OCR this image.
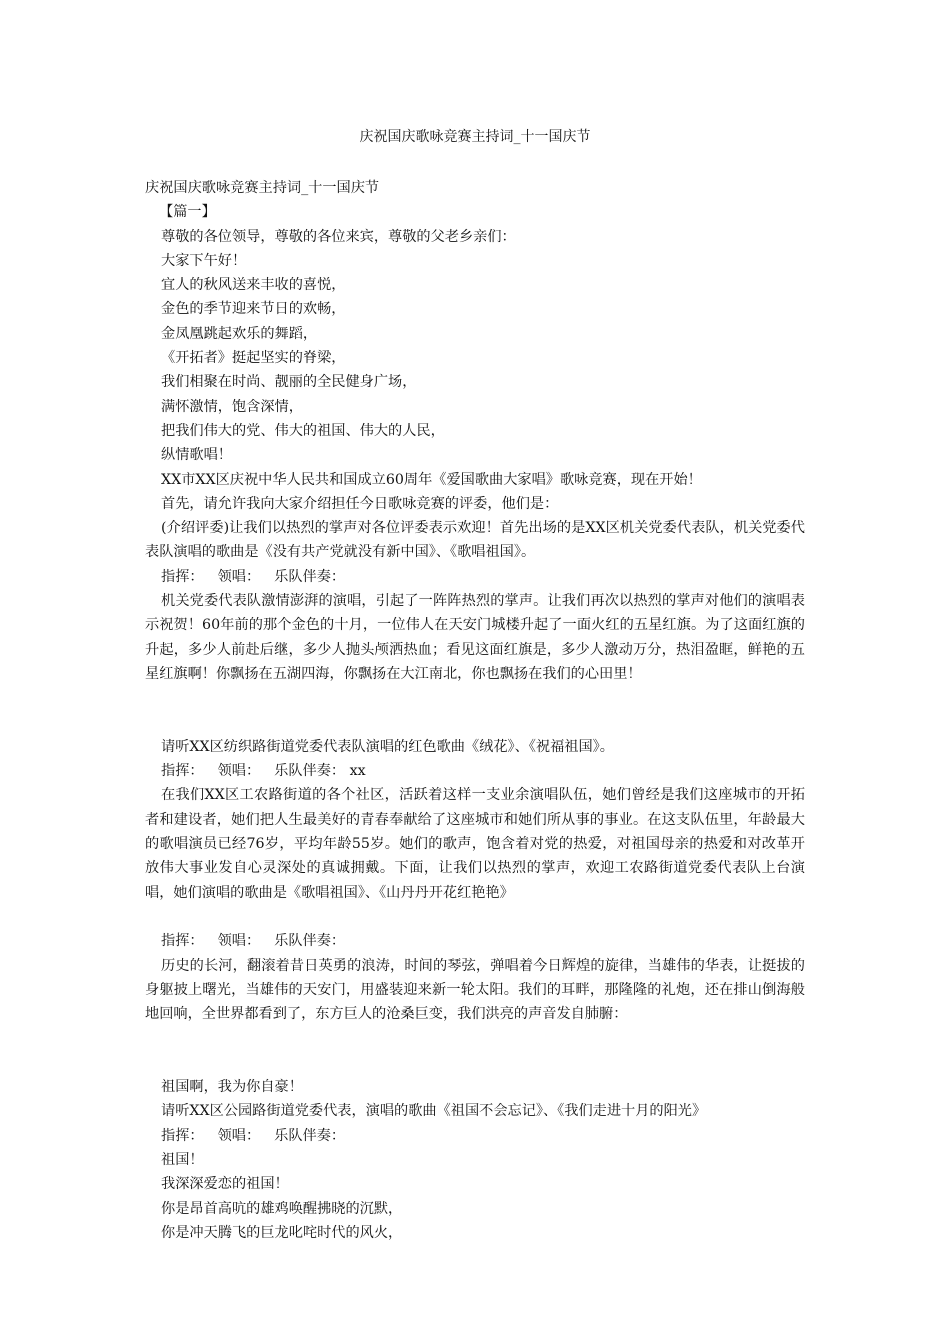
庆祝国庆歌咏竞赛主持词_十一国庆节
庆祝国庆歌咏竞赛主持词_十一国庆节
【篇一】
尊敬的各位领导，尊敬的各位来宾，尊敬的父老乡亲们：
大家下午好！
宜人的秋风送来丰收的喜悦，
金色的季节迎来节日的欢畅，
金凤凰跳起欢乐的舞蹈，
《开拓者》挺起坚实的脊梁，
我们相聚在时尚、靓丽的全民健身广场，
满怀激情，饱含深情，
把我们伟大的党、伟大的祖国、伟大的人民，
纵情歌唱！
XX市XX区庆祝中华人民共和国成立60周年《爱国歌曲大家唱》歌咏竞赛，现在开始！
首先，请允许我向大家介绍担任今日歌咏竞赛的评委，他们是：

(介绍评委)让我们以热烈的掌声对各位评委表示欢迎！首先出场的是XX区机关党委代表队，机关党委代表队演唱的歌曲是《没有共产党就没有新中国》、《歌唱祖国》。

指挥： 领唱： 乐队伴奏：

机关党委代表队激情澎湃的演唱，引起了一阵阵热烈的掌声。让我们再次以热烈的掌声对他们的演唱表示祝贺！60年前的那个金色的十月，一位伟人在天安门城楼升起了一面火红的五星红旗。为了这面红旗的升起，多少人前赴后继，多少人抛头颅洒热血；看见这面红旗是，多少人激动万分，热泪盈眶，鲜艳的五星红旗啊！你飘扬在五湖四海，你飘扬在大江南北，你也飘扬在我们的心田里！

请听XX区纺织路街道党委代表队演唱的红色歌曲《绒花》、《祝福祖国》。
指挥： 领唱： 乐队伴奏： xx

在我们XX区工农路街道的各个社区，活跃着这样一支业余演唱队伍，她们曾经是我们这座城市的开拓者和建设者，她们把人生最美好的青春奉献给了这座城市和她们所从事的事业。在这支队伍里，年龄最大的歌唱演员已经76岁，平均年龄55岁。她们的歌声，饱含着对党的热爱，对祖国母亲的热爱和对改革开放伟大事业发自心灵深处的真诚拥戴。下面，让我们以热烈的掌声，欢迎工农路街道党委代表队上台演唱，她们演唱的歌曲是《歌唱祖国》、《山丹丹开花红艳艳》

指挥： 领唱： 乐队伴奏：

历史的长河，翻滚着昔日英勇的浪涛，时间的琴弦，弹唱着今日辉煌的旋律，当雄伟的华表，让挺拔的身躯披上曙光，当雄伟的天安门，用盛装迎来新一轮太阳。我们的耳畔，那隆隆的礼炮，还在排山倒海般地回响，全世界都看到了，东方巨人的沧桑巨变，我们洪亮的声音发自肺腑：

祖国啊，我为你自豪！
请听XX区公园路街道党委代表，演唱的歌曲《祖国不会忘记》、《我们走进十月的阳光》
指挥： 领唱： 乐队伴奏：
祖国！
我深深爱恋的祖国！
你是昂首高吭的雄鸡唤醒拂晓的沉默，
你是冲天腾飞的巨龙叱咤时代的风火，
